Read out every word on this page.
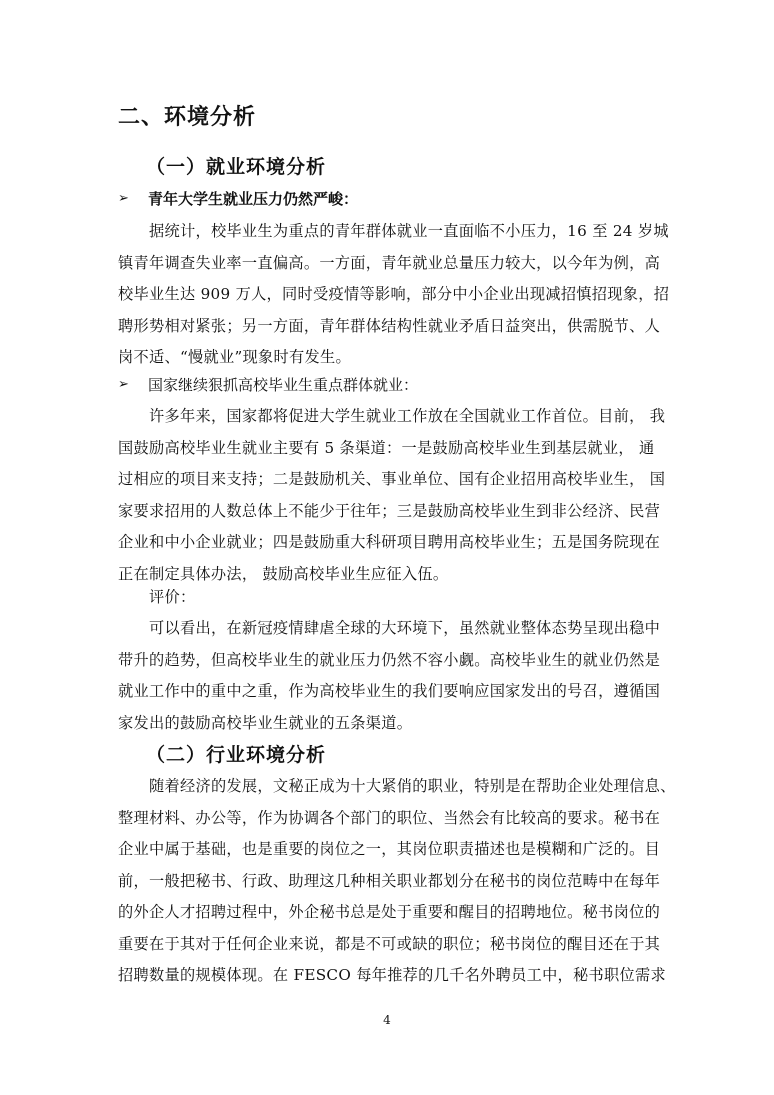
二、环境分析
（一）就业环境分析
➢	青年大学生就业压力仍然严峻：
据统计，校毕业生为重点的青年群体就业一直面临不小压力，16 至 24 岁城
镇青年调查失业率一直偏高。一方面，青年就业总量压力较大，以今年为例，高
校毕业生达 909 万人，同时受疫情等影响，部分中小企业出现减招慎招现象，招
聘形势相对紧张；另一方面，青年群体结构性就业矛盾日益突出，供需脱节、人
岗不适、“慢就业”现象时有发生。
➢	国家继续狠抓高校毕业生重点群体就业：
许多年来，国家都将促进大学生就业工作放在全国就业工作首位。目前， 我
国鼓励高校毕业生就业主要有 5 条渠道：一是鼓励高校毕业生到基层就业， 通
过相应的项目来支持；二是鼓励机关、事业单位、国有企业招用高校毕业生， 国
家要求招用的人数总体上不能少于往年；三是鼓励高校毕业生到非公经济、民营
企业和中小企业就业；四是鼓励重大科研项目聘用高校毕业生；五是国务院现在
正在制定具体办法， 鼓励高校毕业生应征入伍。
评价：
可以看出，在新冠疫情肆虐全球的大环境下，虽然就业整体态势呈现出稳中
带升的趋势，但高校毕业生的就业压力仍然不容小觑。高校毕业生的就业仍然是
就业工作中的重中之重，作为高校毕业生的我们要响应国家发出的号召，遵循国
家发出的鼓励高校毕业生就业的五条渠道。
（二）行业环境分析
随着经济的发展，文秘正成为十大紧俏的职业，特别是在帮助企业处理信息、
整理材料、办公等，作为协调各个部门的职位、当然会有比较高的要求。秘书在
企业中属于基础，也是重要的岗位之一，其岗位职责描述也是模糊和广泛的。目
前，一般把秘书、行政、助理这几种相关职业都划分在秘书的岗位范畴中在每年
的外企人才招聘过程中，外企秘书总是处于重要和醒目的招聘地位。秘书岗位的
重要在于其对于任何企业来说，都是不可或缺的职位；秘书岗位的醒目还在于其
招聘数量的规模体现。在 FESCO 每年推荐的几千名外聘员工中，秘书职位需求
4
